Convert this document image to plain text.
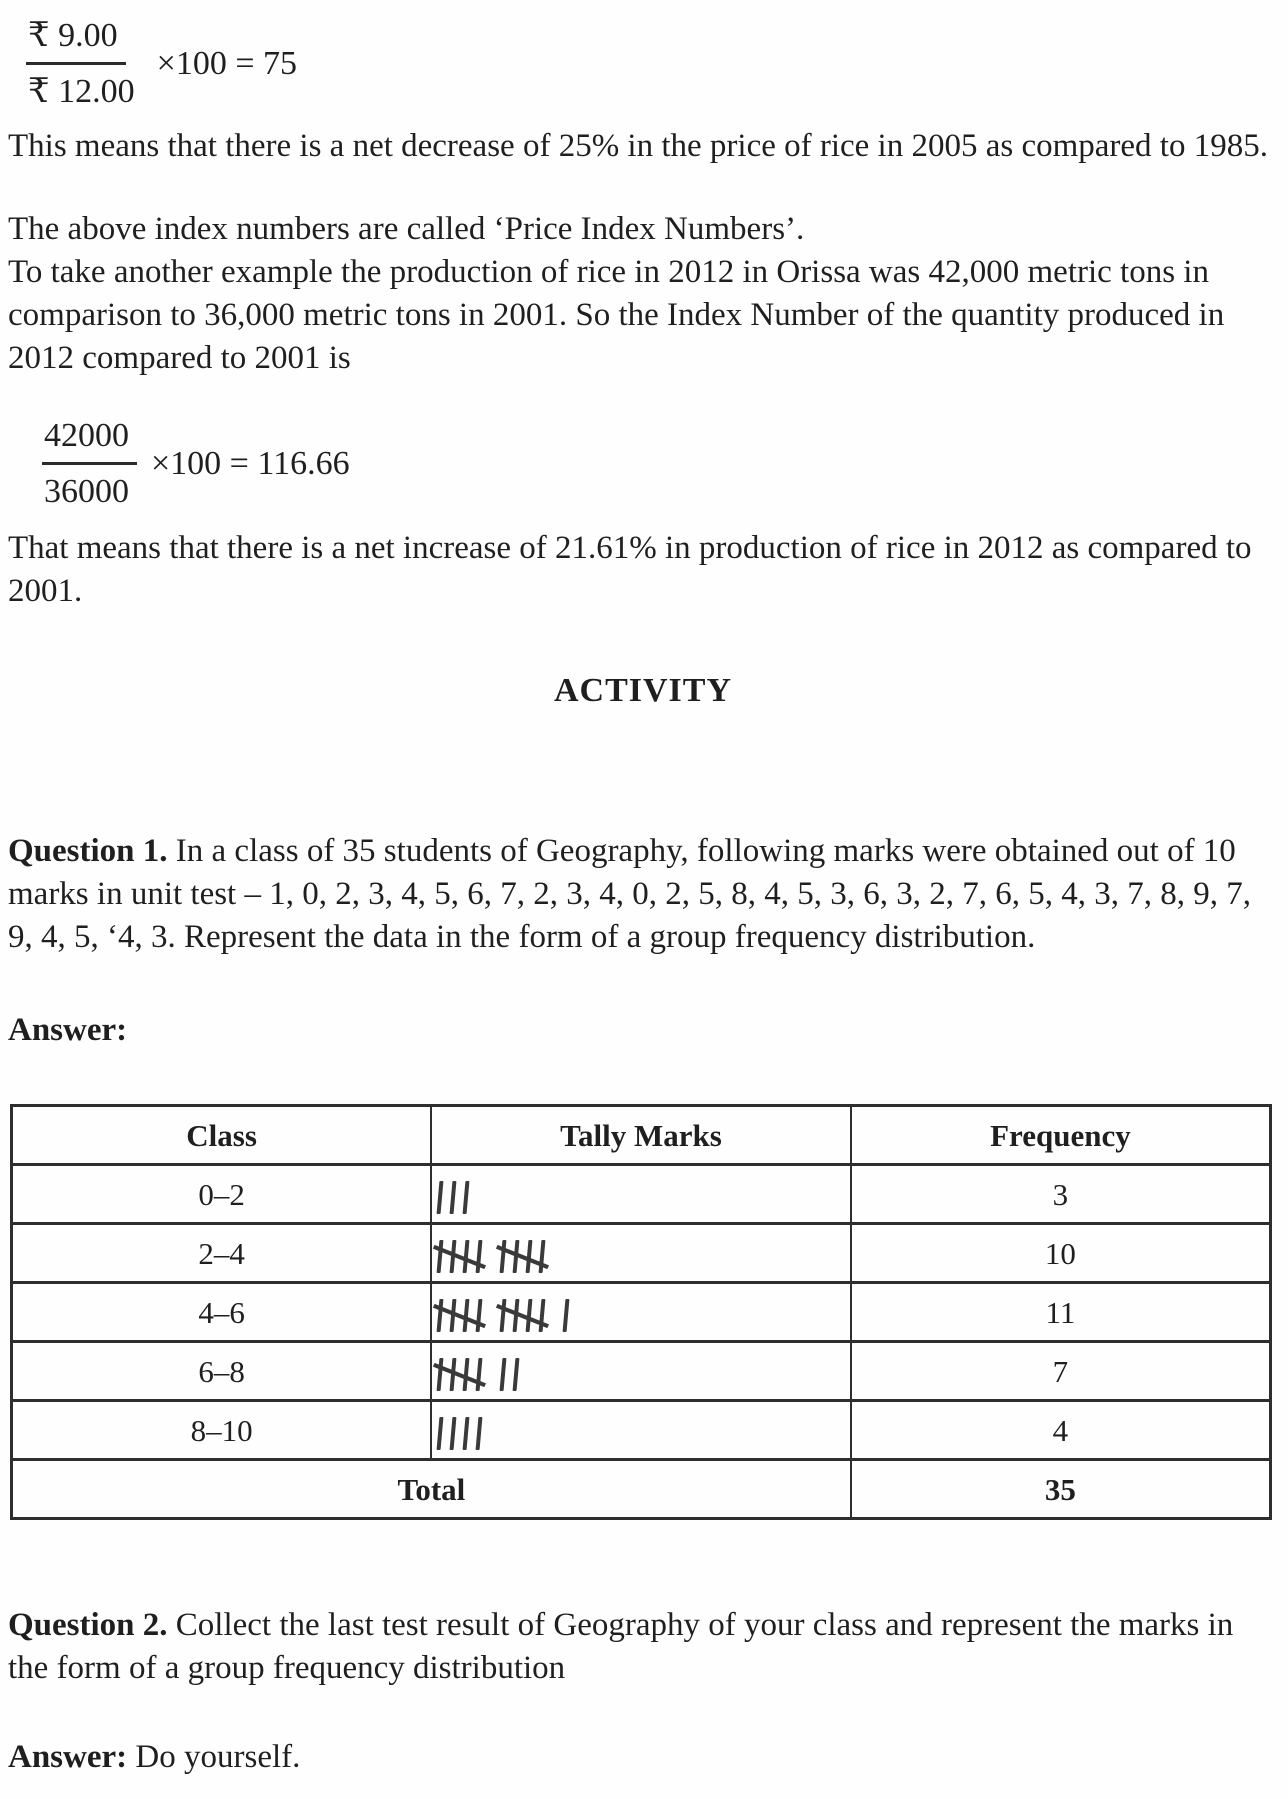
$\frac{₹ 9.00}{₹ 12.00} \times 100 = 75$

This means that there is a net decrease of 25% in the price of rice in 2005 as compared to 1985.

The above index numbers are called ‘Price Index Numbers’.
To take another example the production of rice in 2012 in Orissa was 42,000 metric tons in comparison to 36,000 metric tons in 2001. So the Index Number of the quantity produced in 2012 compared to 2001 is

$\frac{42000}{36000} \times 100 = 116.66$

That means that there is a net increase of 21.61% in production of rice in 2012 as compared to 2001.

ACTIVITY

Question 1. In a class of 35 students of Geography, following marks were obtained out of 10 marks in unit test – 1, 0, 2, 3, 4, 5, 6, 7, 2, 3, 4, 0, 2, 5, 8, 4, 5, 3, 6, 3, 2, 7, 6, 5, 4, 3, 7, 8, 9, 7, 9, 4, 5, ‘4, 3. Represent the data in the form of a group frequency distribution.

Answer:

Class	Tally Marks	Frequency
0–2		3
2–4		10
4–6		11
6–8		7
8–10		4
Total		35

Question 2. Collect the last test result of Geography of your class and represent the marks in the form of a group frequency distribution

Answer: Do yourself.
